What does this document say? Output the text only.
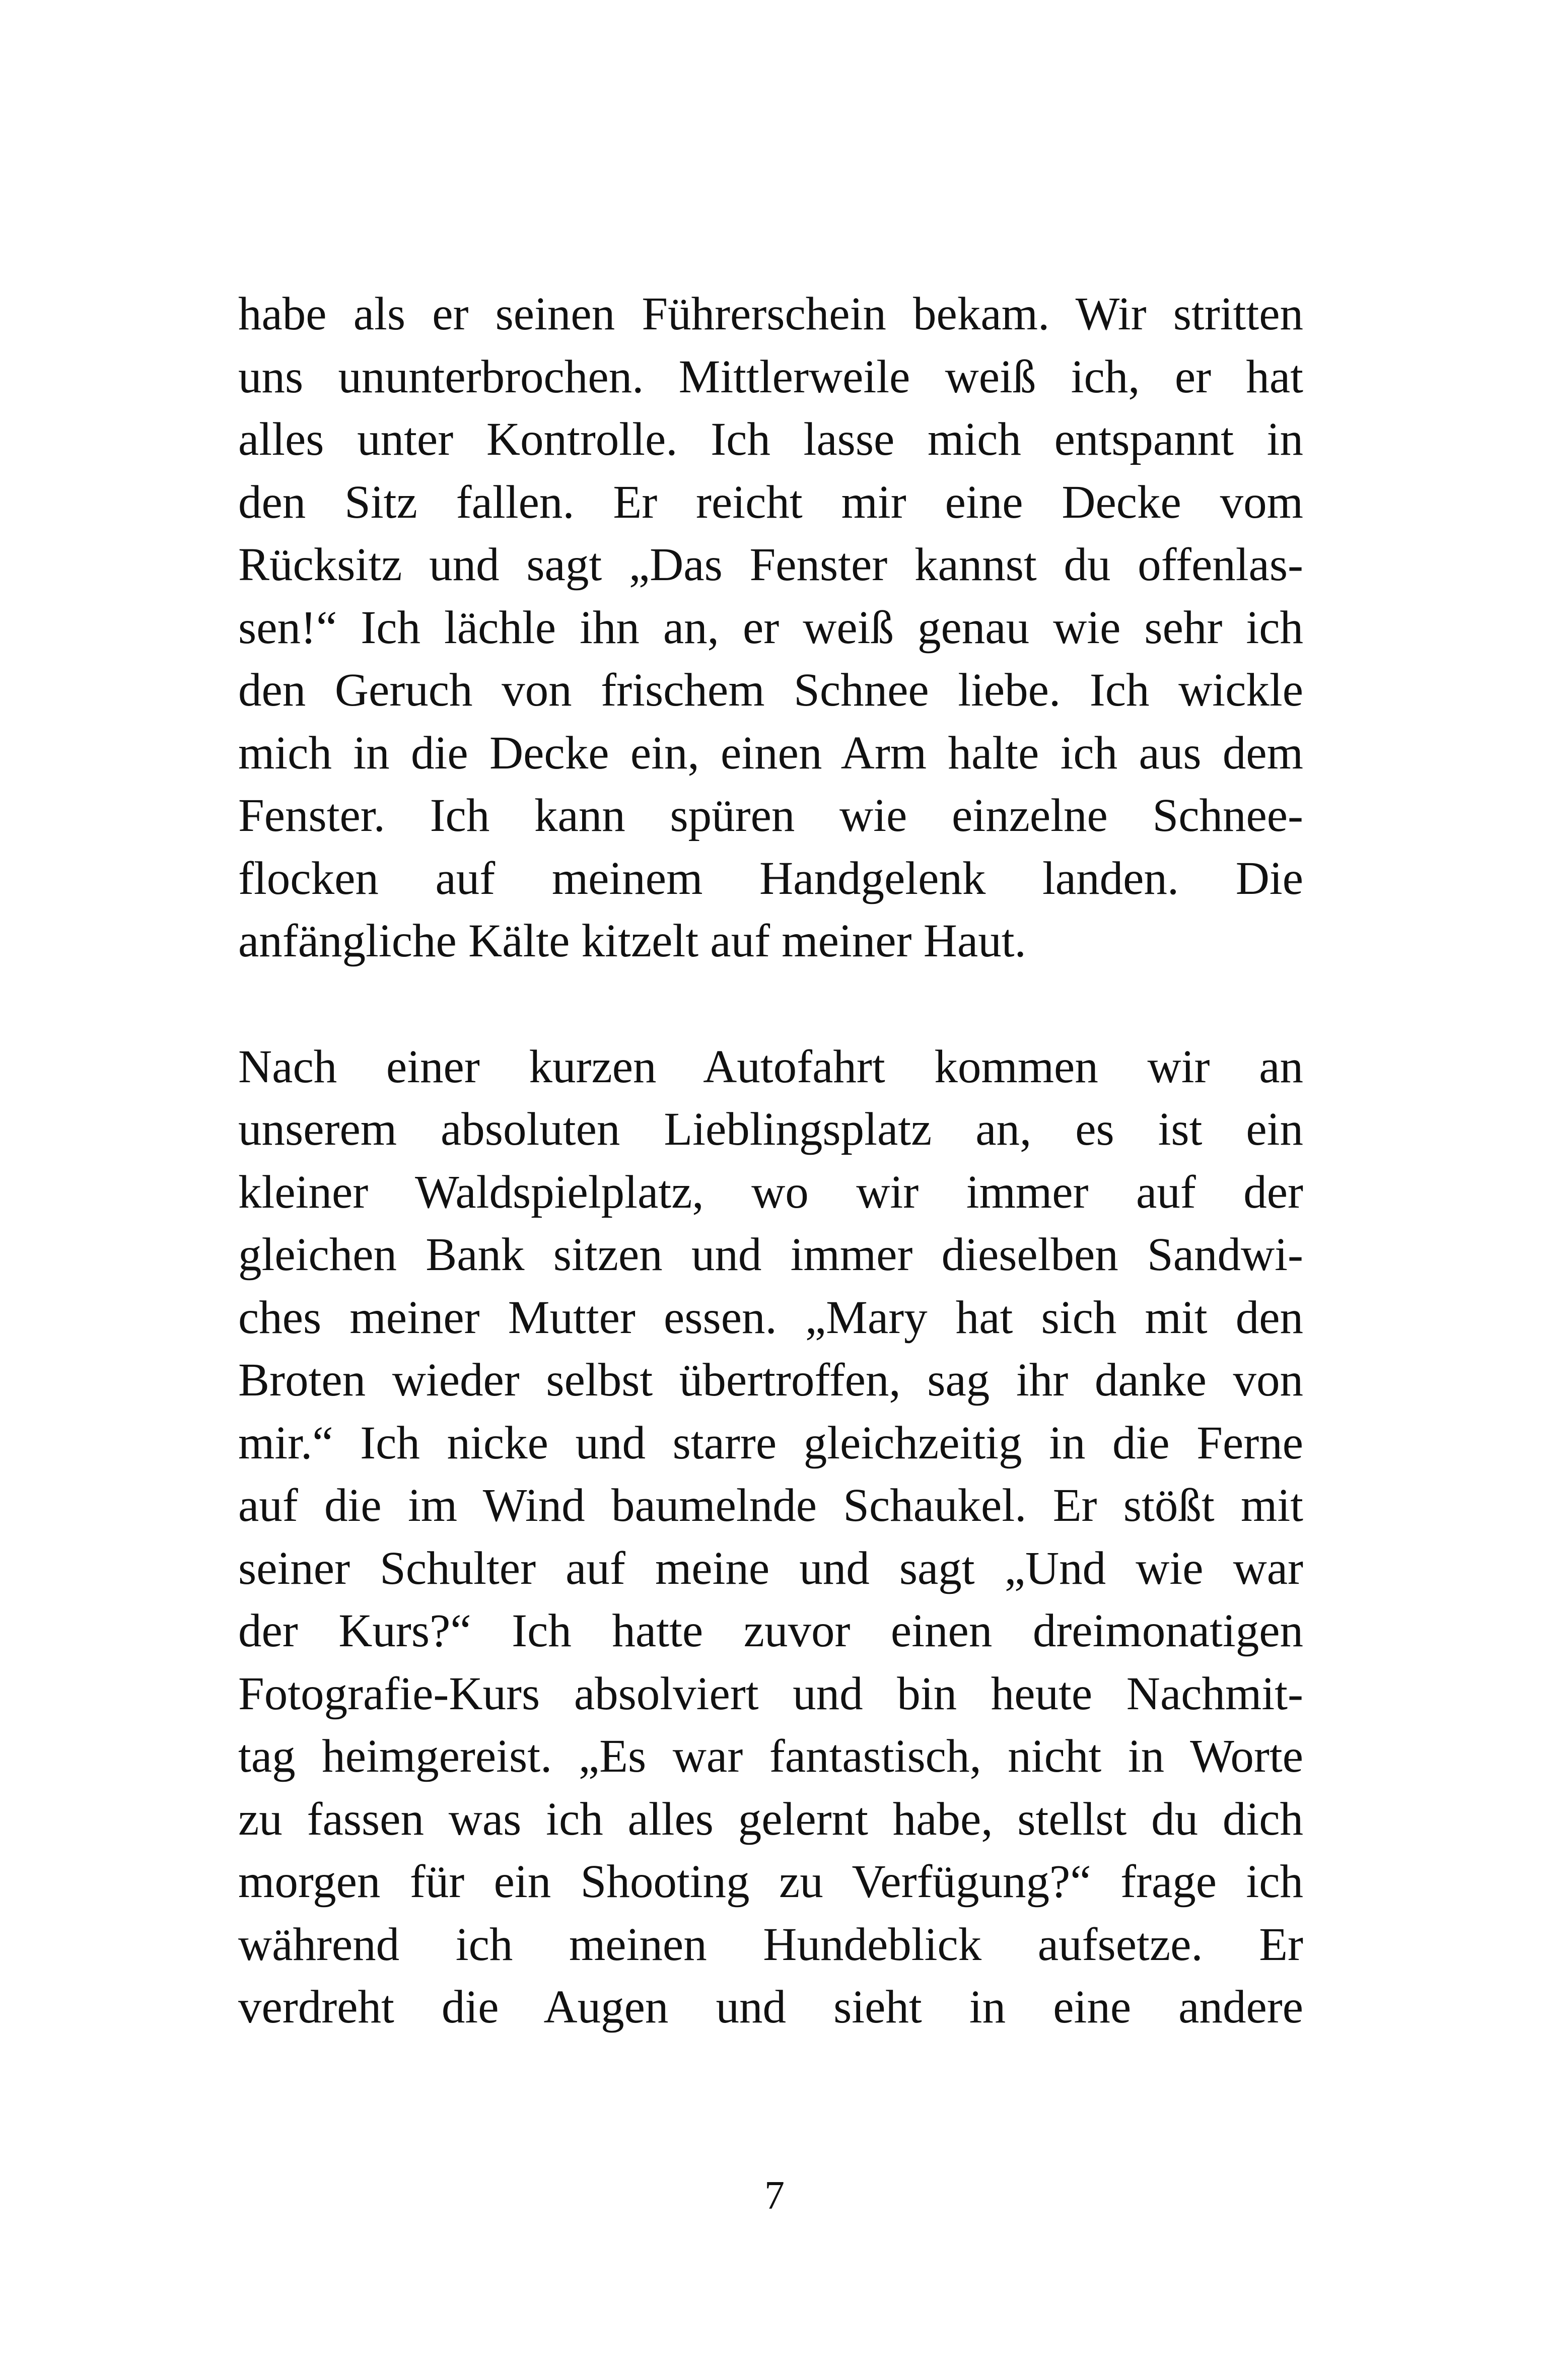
habe als er seinen Führerschein bekam. Wir stritten
uns ununterbrochen. Mittlerweile weiß ich, er hat
alles unter Kontrolle. Ich lasse mich entspannt in
den Sitz fallen. Er reicht mir eine Decke vom
Rücksitz und sagt „Das Fenster kannst du offenlas-
sen!“ Ich lächle ihn an, er weiß genau wie sehr ich
den Geruch von frischem Schnee liebe. Ich wickle
mich in die Decke ein, einen Arm halte ich aus dem
Fenster. Ich kann spüren wie einzelne Schnee-
flocken auf meinem Handgelenk landen. Die
anfängliche Kälte kitzelt auf meiner Haut.

Nach einer kurzen Autofahrt kommen wir an
unserem absoluten Lieblingsplatz an, es ist ein
kleiner Waldspielplatz, wo wir immer auf der
gleichen Bank sitzen und immer dieselben Sandwi-
ches meiner Mutter essen. „Mary hat sich mit den
Broten wieder selbst übertroffen, sag ihr danke von
mir.“ Ich nicke und starre gleichzeitig in die Ferne
auf die im Wind baumelnde Schaukel. Er stößt mit
seiner Schulter auf meine und sagt „Und wie war
der Kurs?“ Ich hatte zuvor einen dreimonatigen
Fotografie-Kurs absolviert und bin heute Nachmit-
tag heimgereist. „Es war fantastisch, nicht in Worte
zu fassen was ich alles gelernt habe, stellst du dich
morgen für ein Shooting zu Verfügung?“ frage ich
während ich meinen Hundeblick aufsetze. Er
verdreht die Augen und sieht in eine andere

7
